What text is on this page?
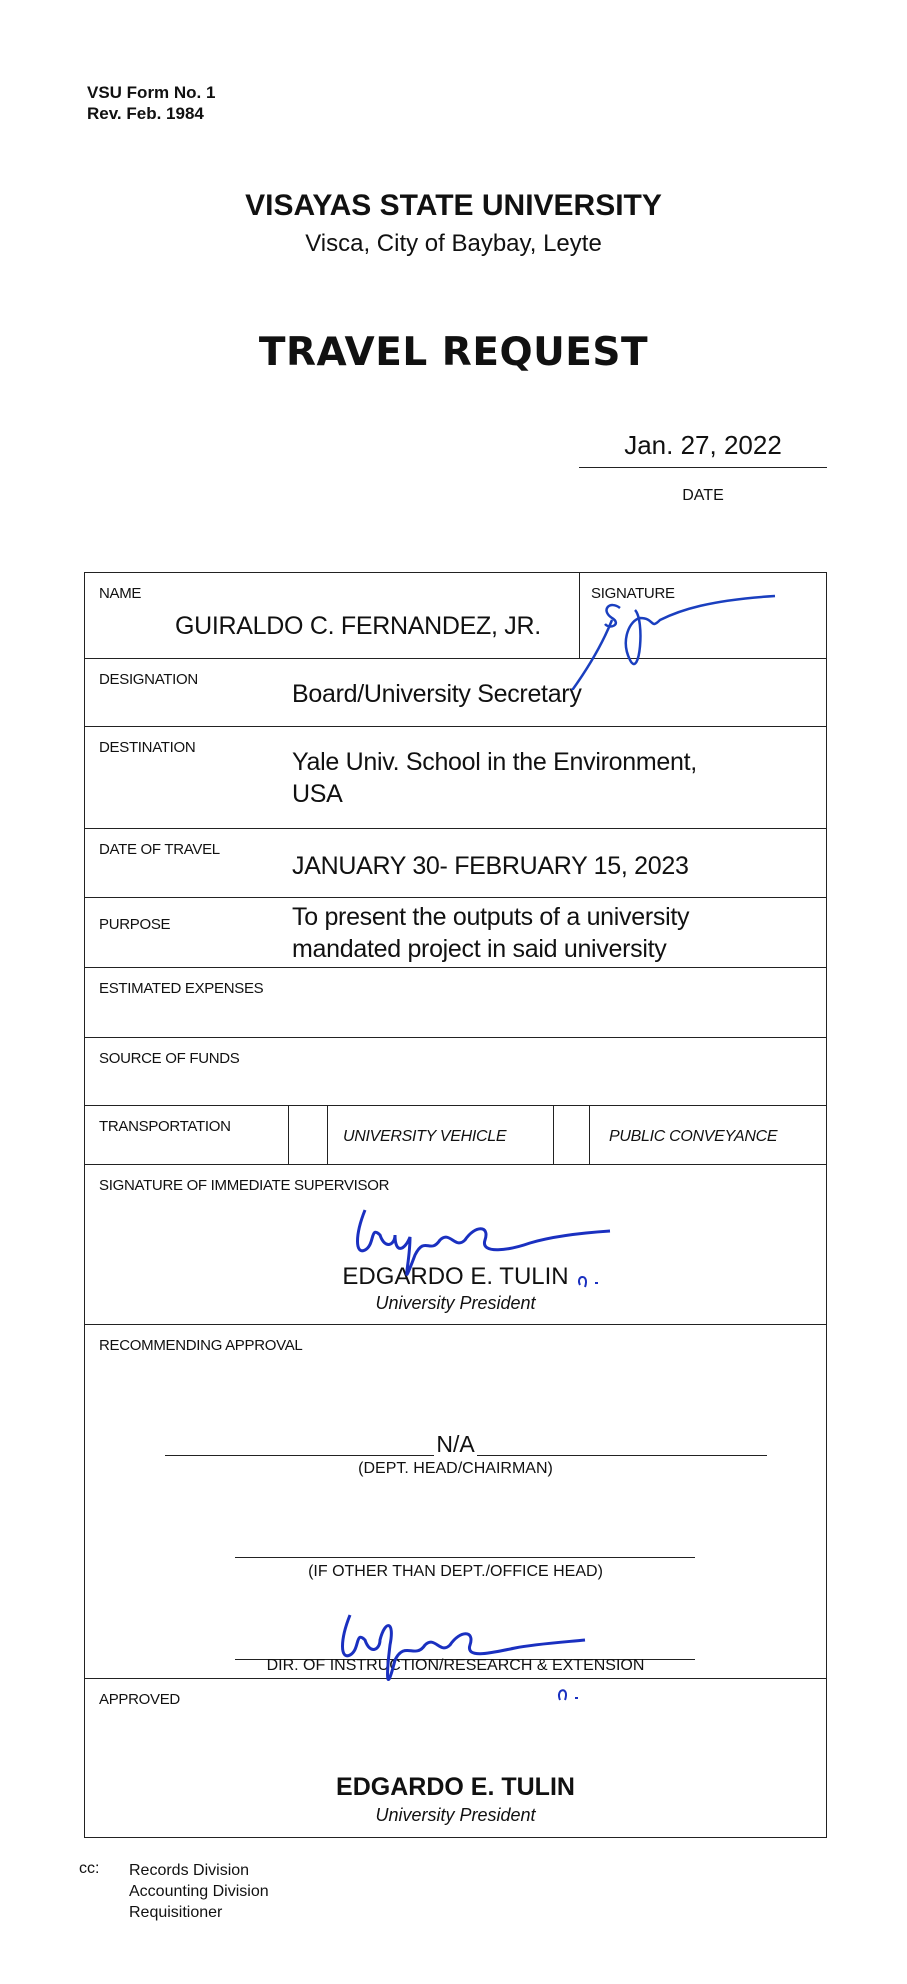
VSU Form No. 1
Rev. Feb. 1984
VISAYAS STATE UNIVERSITY
Visca, City of Baybay, Leyte
TRAVEL REQUEST
Jan. 27, 2022
DATE
NAME
GUIRALDO C. FERNANDEZ, JR.
SIGNATURE
DESIGNATION
Board/University Secretary
DESTINATION
Yale Univ. School in the Environment,
USA
DATE OF TRAVEL
JANUARY 30- FEBRUARY 15, 2023
PURPOSE	To present the outputs of a university
mandated project in said university
ESTIMATED EXPENSES
SOURCE OF FUNDS
TRANSPORTATION
UNIVERSITY VEHICLE	PUBLIC CONVEYANCE
SIGNATURE OF IMMEDIATE SUPERVISOR
EDGARDO E. TULIN
University President
RECOMMENDING APPROVAL
N/A
(DEPT. HEAD/CHAIRMAN)
(IF OTHER THAN DEPT./OFFICE HEAD)
DIR. OF INSTRUCTION/RESEARCH & EXTENSION
APPROVED
EDGARDO E. TULIN
University President
cc: Records Division
Accounting Division
Requisitioner
